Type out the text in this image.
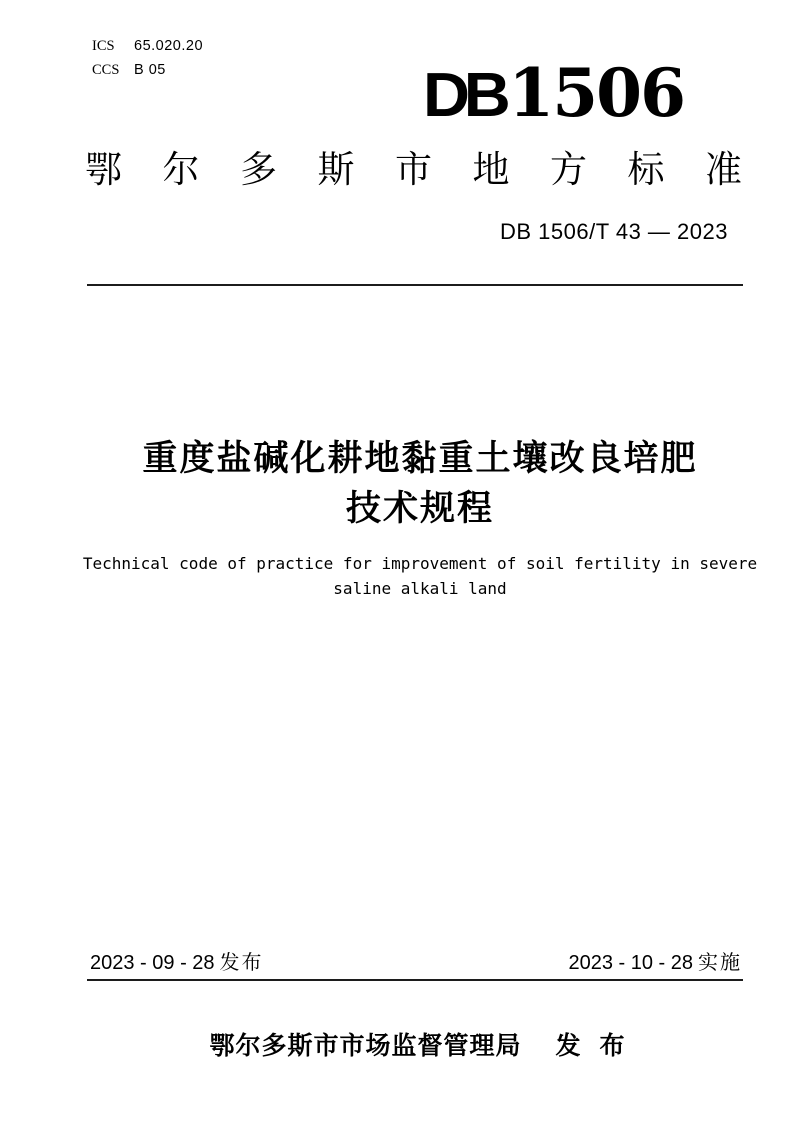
ICS	65.020.20
CCS	B 05	DB 1506
鄂尔多斯市地方标准
DB 1506/T 43 — 2023
重度盐碱化耕地黏重土壤改良培肥
技术规程
Technical code of practice for improvement of soil fertility in severe
saline alkali land
2023 - 09 - 28 发布	2023 - 10 - 28 实施
鄂尔多斯市市场监督管理局 发 布
